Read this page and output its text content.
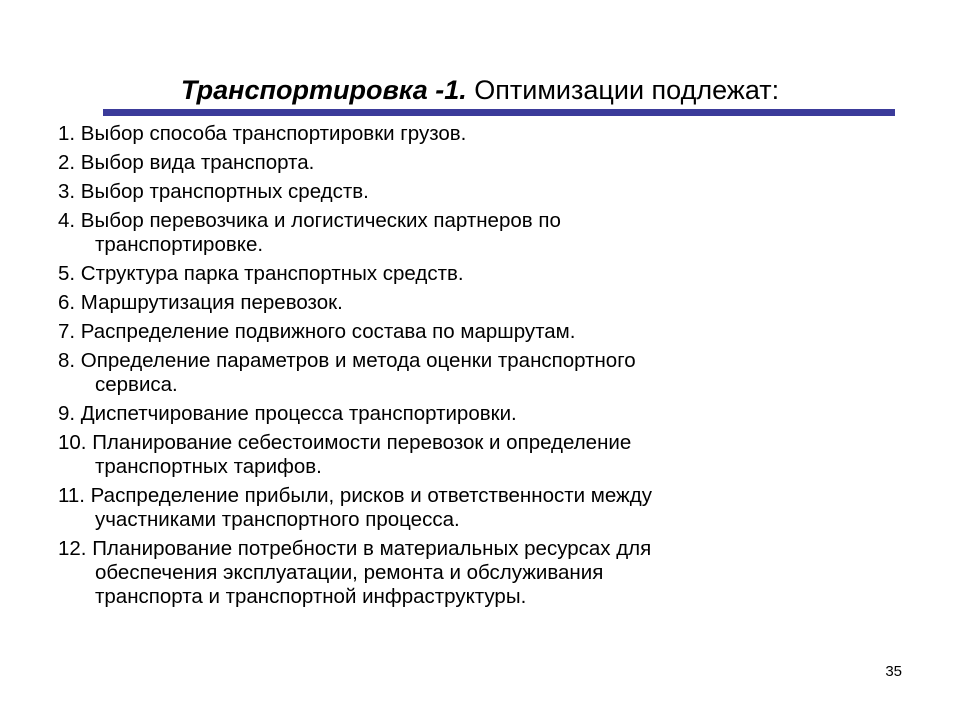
Транспортировка -1. Оптимизации подлежат:
1. Выбор способа транспортировки грузов.
2. Выбор вида транспорта.
3. Выбор транспортных средств.
4. Выбор перевозчика и логистических партнеров по
транспортировке.
5. Структура парка транспортных средств.
6. Маршрутизация перевозок.
7. Распределение подвижного состава по маршрутам.
8. Определение параметров и метода оценки транспортного
сервиса.
9. Диспетчирование процесса транспортировки.
10. Планирование себестоимости перевозок и определение
транспортных тарифов.
11. Распределение прибыли, рисков и ответственности между
участниками транспортного процесса.
12. Планирование потребности в материальных ресурсах для
обеспечения эксплуатации, ремонта и обслуживания
транспорта и транспортной инфраструктуры.
35
